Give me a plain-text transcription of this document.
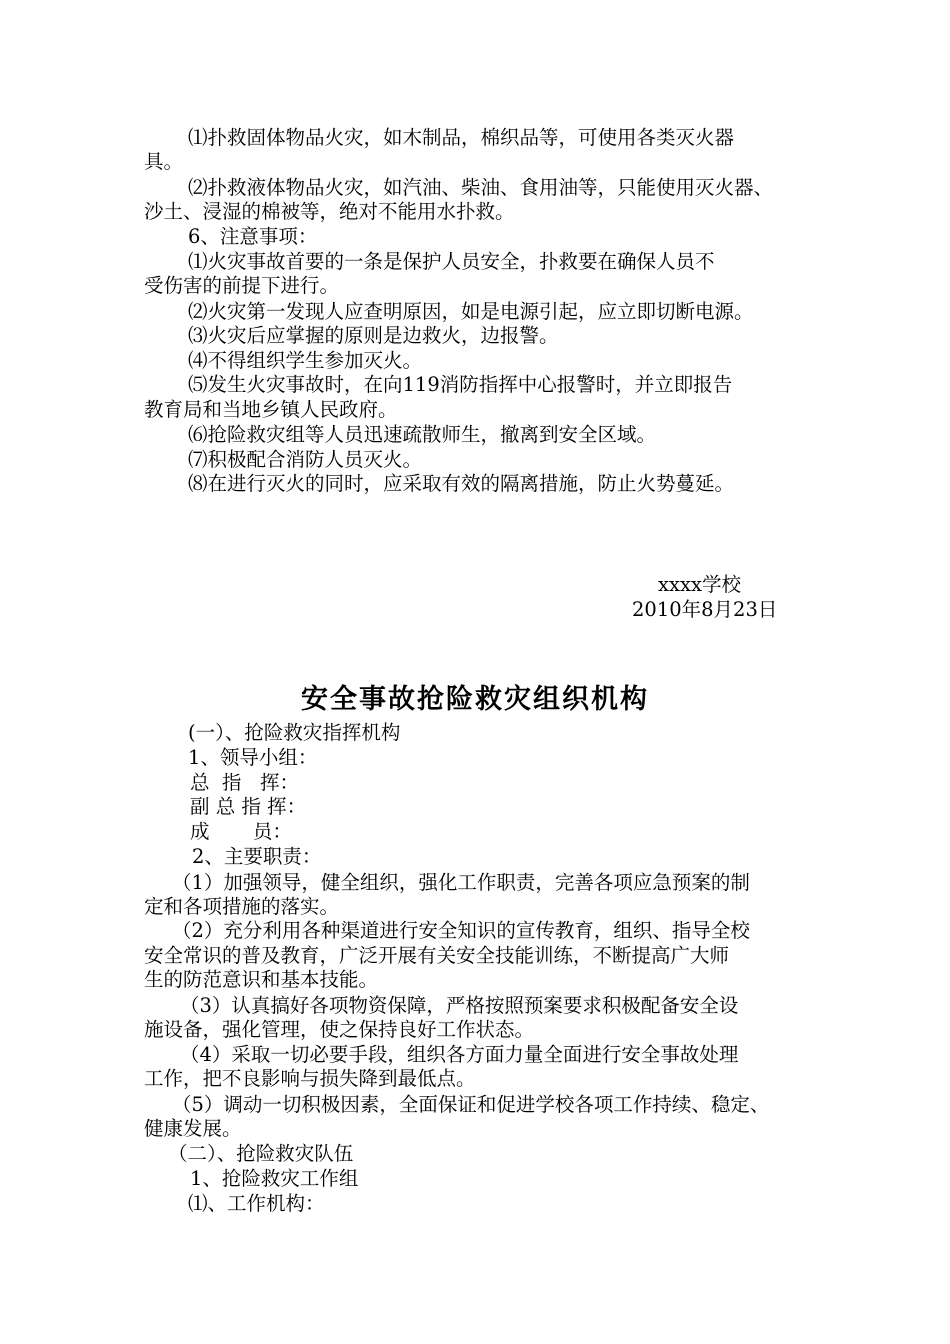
⑴扑救固体物品火灾，如木制品，棉织品等，可使用各类灭火器
具。
⑵扑救液体物品火灾，如汽油、柴油、食用油等，只能使用灭火器、
沙土、浸湿的棉被等，绝对不能用水扑救。
6、注意事项：
⑴火灾事故首要的一条是保护人员安全，扑救要在确保人员不
受伤害的前提下进行。
⑵火灾第一发现人应查明原因，如是电源引起，应立即切断电源。
⑶火灾后应掌握的原则是边救火，边报警。
⑷不得组织学生参加灭火。
⑸发生火灾事故时，在向119消防指挥中心报警时，并立即报告
教育局和当地乡镇人民政府。
⑹抢险救灾组等人员迅速疏散师生，撤离到安全区域。
⑺积极配合消防人员灭火。
⑻在进行灭火的同时，应采取有效的隔离措施，防止火势蔓延。
xxxx学校
2010年8月23日
安全事故抢险救灾组织机构
(一）、抢险救灾指挥机构
1、领导小组：
总  指   挥：
副 总 指 挥：
成       员：
2、主要职责：
（1）加强领导，健全组织，强化工作职责，完善各项应急预案的制
定和各项措施的落实。
（2）充分利用各种渠道进行安全知识的宣传教育，组织、指导全校
安全常识的普及教育，广泛开展有关安全技能训练，不断提高广大师
生的防范意识和基本技能。
（3）认真搞好各项物资保障，严格按照预案要求积极配备安全设
施设备，强化管理，使之保持良好工作状态。
（4）采取一切必要手段，组织各方面力量全面进行安全事故处理
工作，把不良影响与损失降到最低点。
（5）调动一切积极因素，全面保证和促进学校各项工作持续、稳定、
健康发展。
（二）、抢险救灾队伍
1、抢险救灾工作组
⑴、工作机构：
